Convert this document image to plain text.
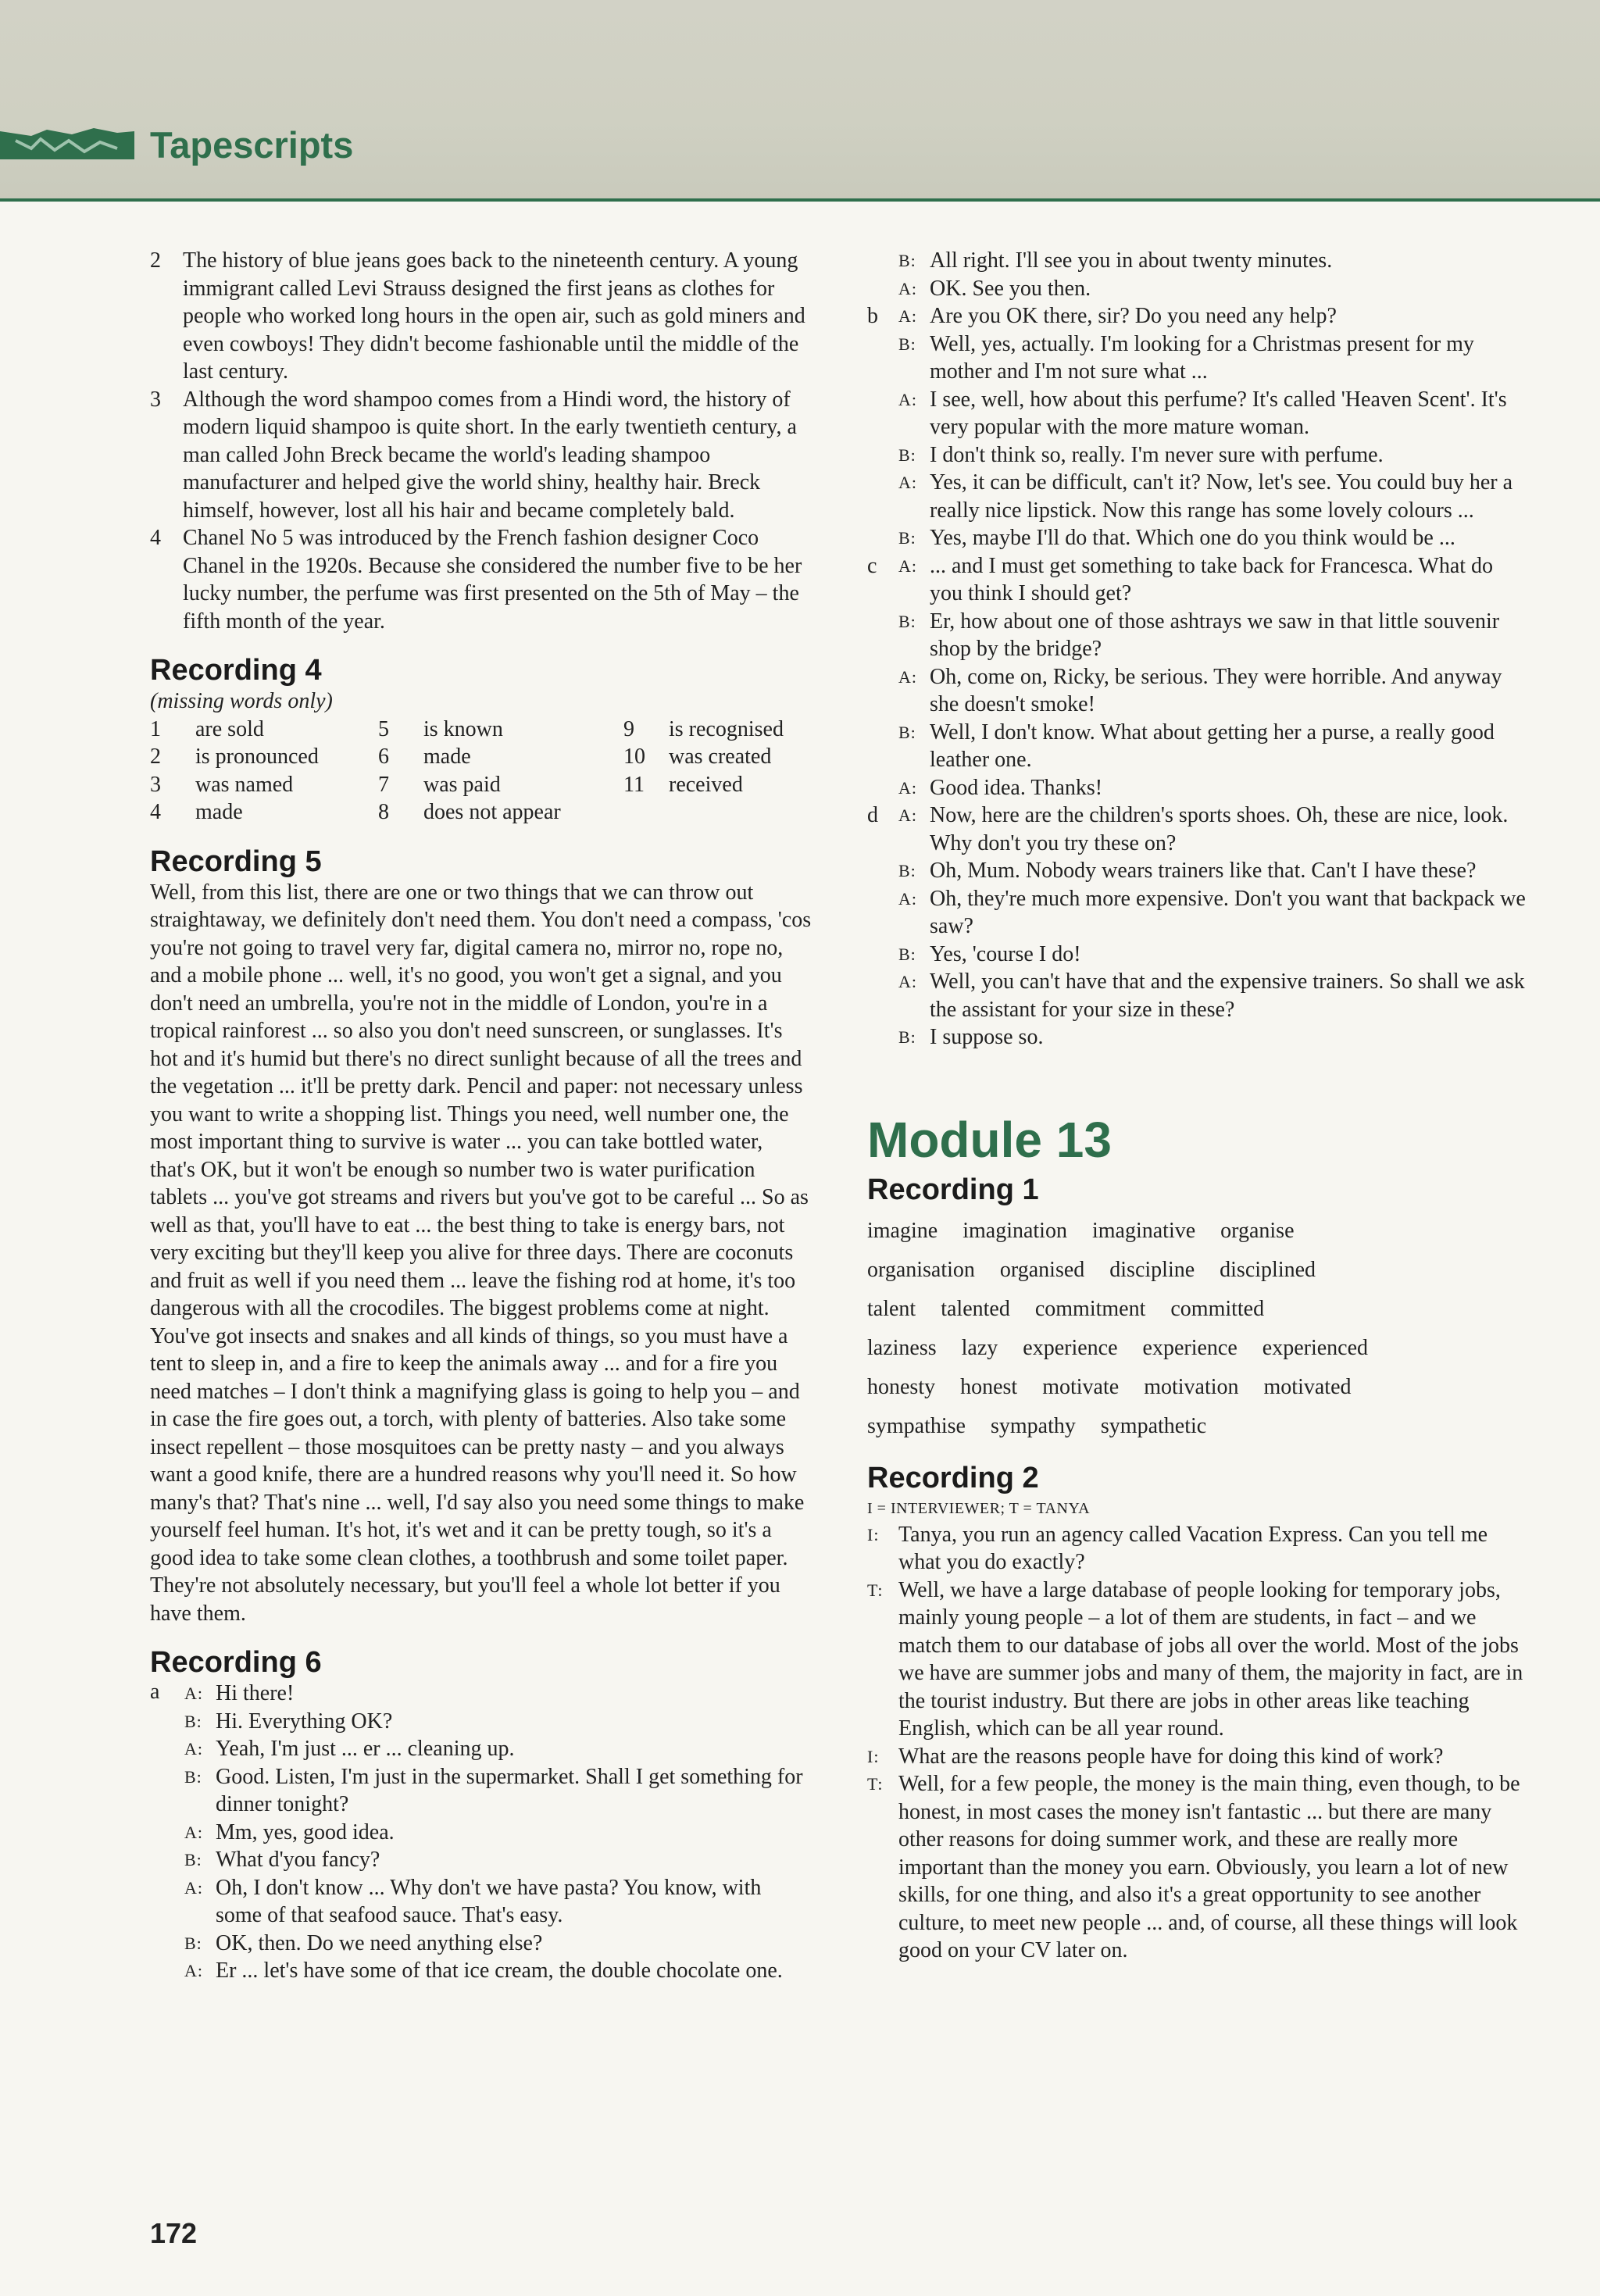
Tapescripts
2 The history of blue jeans goes back to the nineteenth century. A young immigrant called Levi Strauss designed the first jeans as clothes for people who worked long hours in the open air, such as gold miners and even cowboys! They didn't become fashionable until the middle of the last century.
3 Although the word shampoo comes from a Hindi word, the history of modern liquid shampoo is quite short. In the early twentieth century, a man called John Breck became the world's leading shampoo manufacturer and helped give the world shiny, healthy hair. Breck himself, however, lost all his hair and became completely bald.
4 Chanel No 5 was introduced by the French fashion designer Coco Chanel in the 1920s. Because she considered the number five to be her lucky number, the perfume was first presented on the 5th of May – the fifth month of the year.
Recording 4
(missing words only)
1	are sold	5	is known	9	is recognised
2	is pronounced	6	made	10	was created
3	was named	7	was paid	11	received
4	made	8	does not appear
Recording 5

Well, from this list, there are one or two things that we can throw out straightaway, we definitely don't need them. You don't need a compass, 'cos you're not going to travel very far, digital camera no, mirror no, rope no, and a mobile phone ... well, it's no good, you won't get a signal, and you don't need an umbrella, you're not in the middle of London, you're in a tropical rainforest ... so also you don't need sunscreen, or sunglasses. It's hot and it's humid but there's no direct sunlight because of all the trees and the vegetation ... it'll be pretty dark. Pencil and paper: not necessary unless you want to write a shopping list. Things you need, well number one, the most important thing to survive is water ... you can take bottled water, that's OK, but it won't be enough so number two is water purification tablets ... you've got streams and rivers but you've got to be careful ... So as well as that, you'll have to eat ... the best thing to take is energy bars, not very exciting but they'll keep you alive for three days. There are coconuts and fruit as well if you need them ... leave the fishing rod at home, it's too dangerous with all the crocodiles. The biggest problems come at night. You've got insects and snakes and all kinds of things, so you must have a tent to sleep in, and a fire to keep the animals away ... and for a fire you need matches – I don't think a magnifying glass is going to help you – and in case the fire goes out, a torch, with plenty of batteries. Also take some insect repellent – those mosquitoes can be pretty nasty – and you always want a good knife, there are a hundred reasons why you'll need it. So how many's that? That's nine ... well, I'd say also you need some things to make yourself feel human. It's hot, it's wet and it can be pretty tough, so it's a good idea to take some clean clothes, a toothbrush and some toilet paper. They're not absolutely necessary, but you'll feel a whole lot better if you have them.

Recording 6
a A: Hi there!
B: Hi. Everything OK?
A: Yeah, I'm just ... er ... cleaning up.
B: Good. Listen, I'm just in the supermarket. Shall I get something for dinner tonight?
A: Mm, yes, good idea.
B: What d'you fancy?
A: Oh, I don't know ... Why don't we have pasta? You know, with some of that seafood sauce. That's easy.
B: OK, then. Do we need anything else?
A: Er ... let's have some of that ice cream, the double chocolate one.
B: All right. I'll see you in about twenty minutes.
A: OK. See you then.
b A: Are you OK there, sir? Do you need any help?
B: Well, yes, actually. I'm looking for a Christmas present for my mother and I'm not sure what ...
A: I see, well, how about this perfume? It's called 'Heaven Scent'. It's very popular with the more mature woman.
B: I don't think so, really. I'm never sure with perfume.
A: Yes, it can be difficult, can't it? Now, let's see. You could buy her a really nice lipstick. Now this range has some lovely colours ...
B: Yes, maybe I'll do that. Which one do you think would be ...
c A: ... and I must get something to take back for Francesca. What do you think I should get?
B: Er, how about one of those ashtrays we saw in that little souvenir shop by the bridge?
A: Oh, come on, Ricky, be serious. They were horrible. And anyway she doesn't smoke!
B: Well, I don't know. What about getting her a purse, a really good leather one.
A: Good idea. Thanks!
d A: Now, here are the children's sports shoes. Oh, these are nice, look. Why don't you try these on?
B: Oh, Mum. Nobody wears trainers like that. Can't I have these?
A: Oh, they're much more expensive. Don't you want that backpack we saw?
B: Yes, 'course I do!
A: Well, you can't have that and the expensive trainers. So shall we ask the assistant for your size in these?
B: I suppose so.
Module 13
Recording 1
imagine imagination imaginative organise
organisation organised discipline disciplined
talent talented commitment committed
laziness lazy experience experience experienced
honesty honest motivate motivation motivated
sympathise sympathy sympathetic
Recording 2
I = INTERVIEWER; T = TANYA
I: Tanya, you run an agency called Vacation Express. Can you tell me what you do exactly?
T: Well, we have a large database of people looking for temporary jobs, mainly young people – a lot of them are students, in fact – and we match them to our database of jobs all over the world. Most of the jobs we have are summer jobs and many of them, the majority in fact, are in the tourist industry. But there are jobs in other areas like teaching English, which can be all year round.
I: What are the reasons people have for doing this kind of work?
T: Well, for a few people, the money is the main thing, even though, to be honest, in most cases the money isn't fantastic ... but there are many other reasons for doing summer work, and these are really more important than the money you earn. Obviously, you learn a lot of new skills, for one thing, and also it's a great opportunity to see another culture, to meet new people ... and, of course, all these things will look good on your CV later on.
172
